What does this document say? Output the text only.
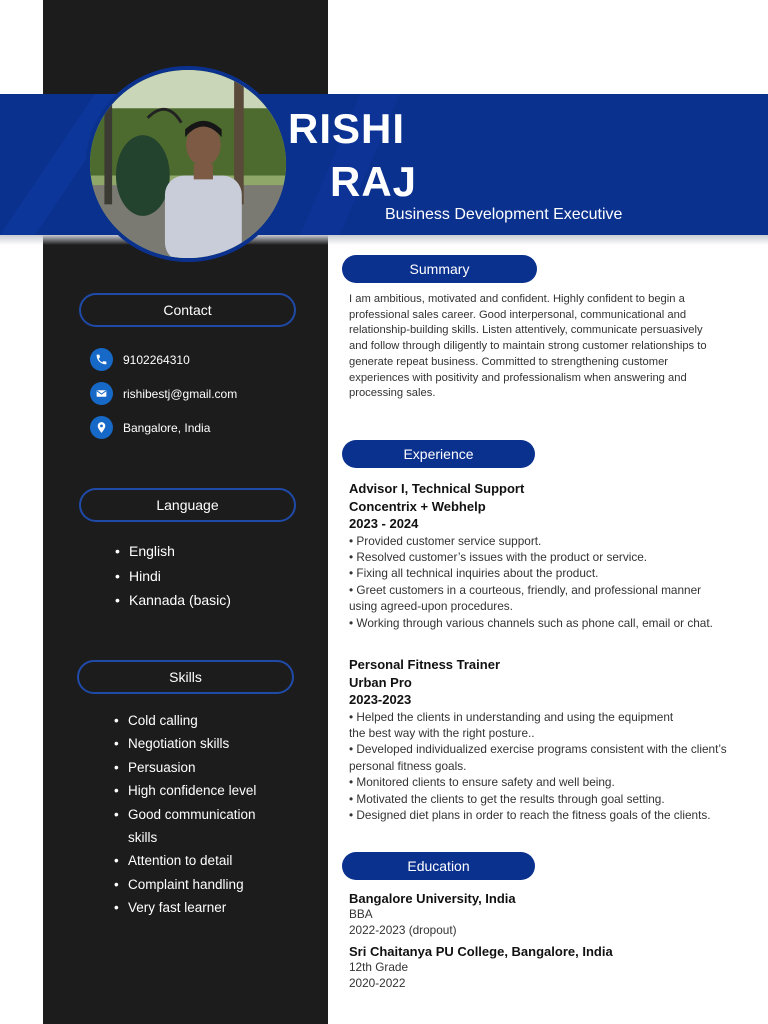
RISHI
RAJ
Business Development Executive
Contact
9102264310
rishibestj@gmail.com
Bangalore, India
Language
• English
• Hindi
• Kannada (basic)
Skills
• Cold calling
• Negotiation skills
• Persuasion
• High confidence level
• Good communication skills
• Attention to detail
• Complaint handling
• Very fast learner
Summary

I am ambitious, motivated and confident. Highly confident to begin a professional sales career. Good interpersonal, communicational and relationship-building skills. Listen attentively, communicate persuasively and follow through diligently to maintain strong customer relationships to generate repeat business. Committed to strengthening customer experiences with positivity and professionalism when answering and processing sales.

Experience
Advisor I, Technical Support
Concentrix + Webhelp
2023 - 2024
• Provided customer service support.
• Resolved customer’s issues with the product or service.
• Fixing all technical inquiries about the product.
• Greet customers in a courteous, friendly, and professional manner using agreed-upon procedures.
• Working through various channels such as phone call, email or chat.
Personal Fitness Trainer
Urban Pro
2023-2023
• Helped the clients in understanding and using the equipment the best way with the right posture..
• Developed individualized exercise programs consistent with the client’s personal fitness goals.
• Monitored clients to ensure safety and well being.
• Motivated the clients to get the results through goal setting.
• Designed diet plans in order to reach the fitness goals of the clients.
Education
Bangalore University, India
BBA
2022-2023 (dropout)
Sri Chaitanya PU College, Bangalore, India
12th Grade
2020-2022
